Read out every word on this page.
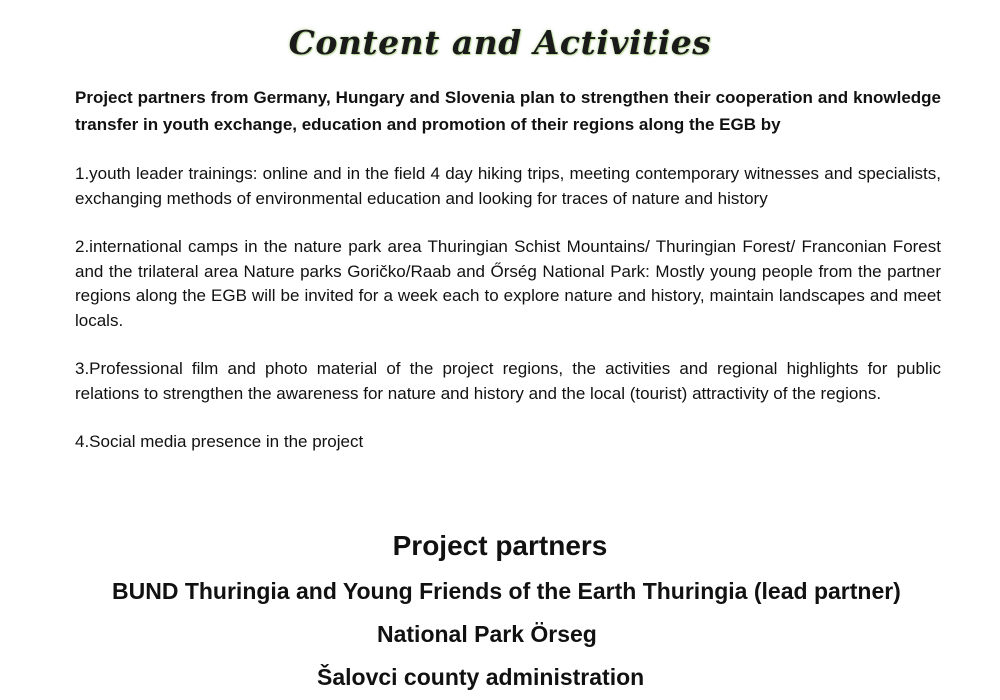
Content and Activities

Project partners from Germany, Hungary and Slovenia plan to strengthen their cooperation and knowledge transfer in youth exchange, education and promotion of their regions along the EGB by

1.youth leader trainings: online and in the field 4 day hiking trips, meeting contemporary witnesses and specialists, exchanging methods of environmental education and looking for traces of nature and history

2.international camps in the nature park area Thuringian Schist Mountains/ Thuringian Forest/ Franconian Forest and the trilateral area Nature parks Goričko/Raab and Őrség National Park: Mostly young people from the partner regions along the EGB will be invited for a week each to explore nature and history, maintain landscapes and meet locals.

3.Professional film and photo material of the project regions, the activities and regional highlights for public relations to strengthen the awareness for nature and history and the local (tourist) attractivity of the regions.

4.Social media presence in the project

Project partners
BUND Thuringia and Young Friends of the Earth Thuringia (lead partner)
National Park Örseg
Šalovci county administration
